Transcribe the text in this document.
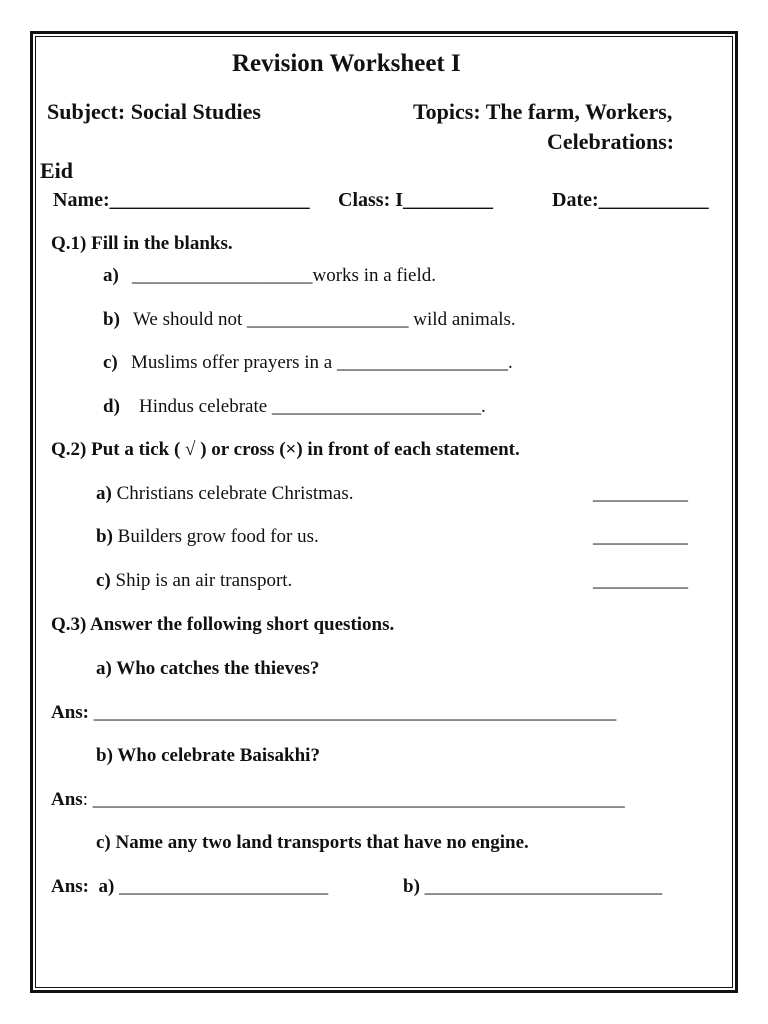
Revision Worksheet I
Subject: Social Studies	Topics: The farm, Workers,
Celebrations:
Eid
Name:____________________ Class: I_________	Date:___________
Q.1) Fill in the blanks.
a) ___________________works in a field.
b) We should not _________________ wild animals.
c) Muslims offer prayers in a __________________.
d) Hindus celebrate ______________________.
Q.2) Put a tick ( √ ) or cross (×) in front of each statement.
a) Christians celebrate Christmas.	__________
b) Builders grow food for us.	__________
c) Ship is an air transport.	__________
Q.3) Answer the following short questions.
a) Who catches the thieves?
Ans: _______________________________________________________
b) Who celebrate Baisakhi?
Ans: ________________________________________________________
c) Name any two land transports that have no engine.
Ans:  a) ______________________	b) _________________________
